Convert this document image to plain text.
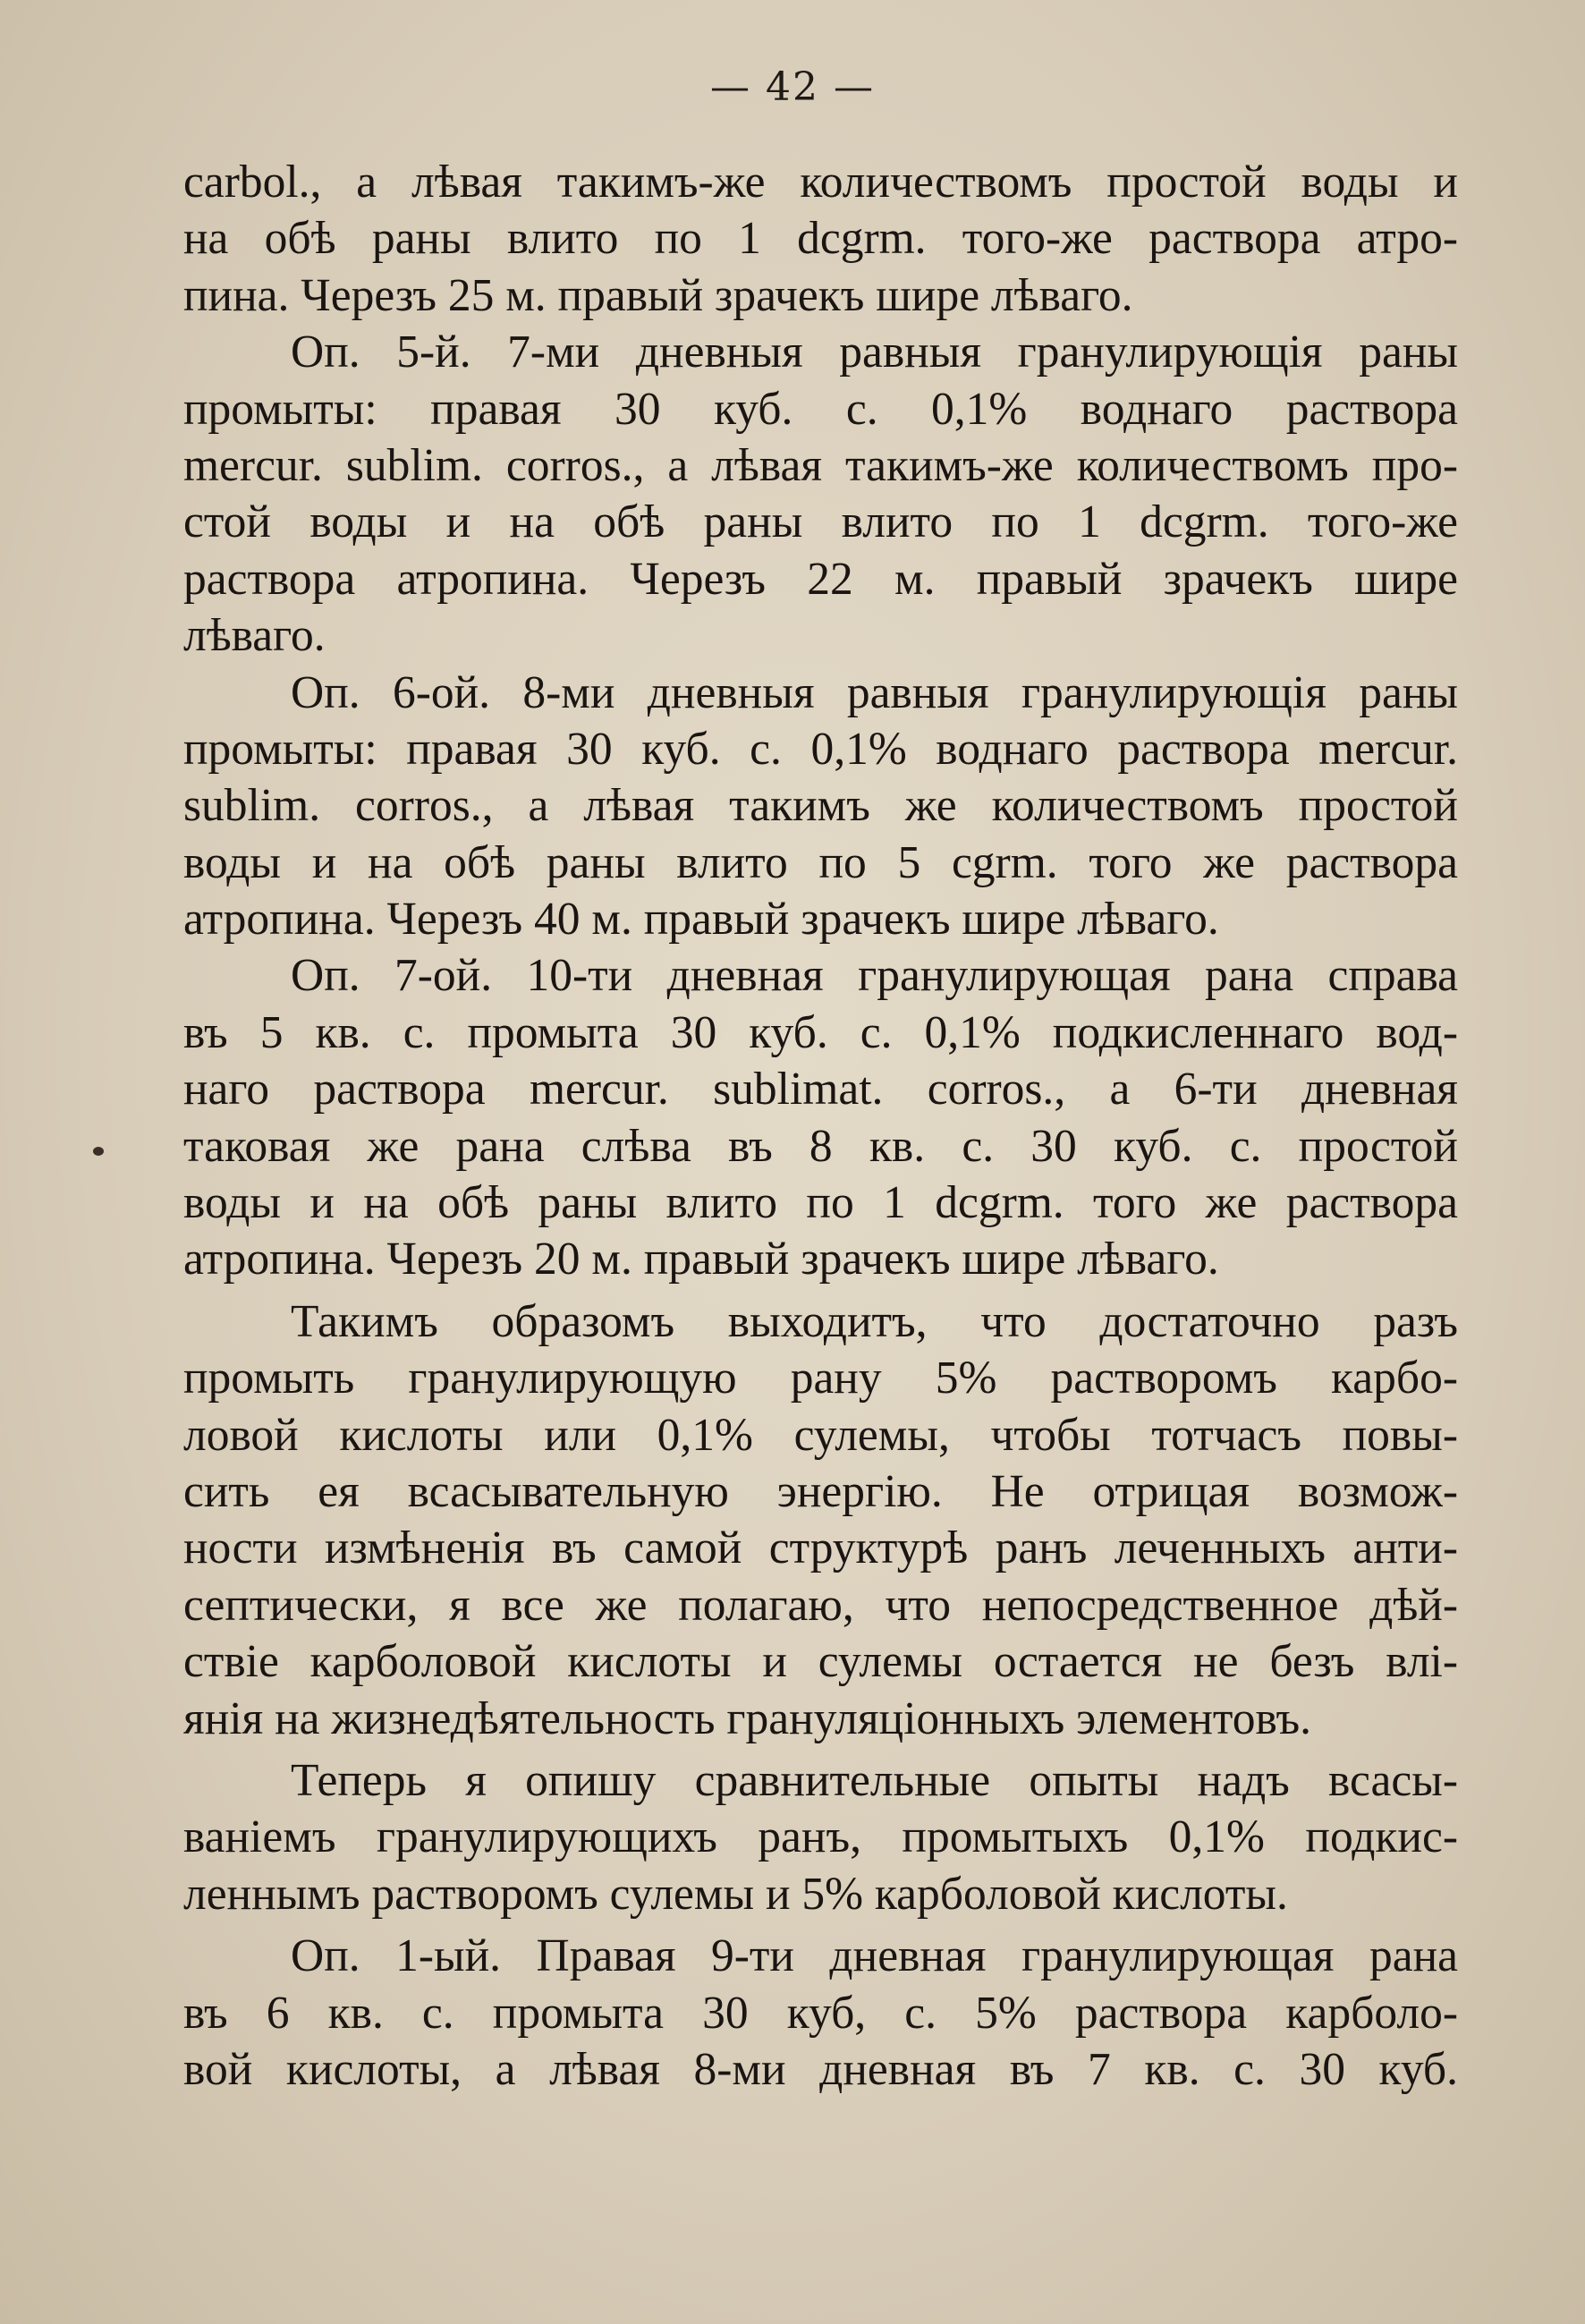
— 42 —
carbol., а лѣвая такимъ-же количествомъ простой воды и
на обѣ раны влито по 1 dcgrm. того-же раствора атро-
пина. Черезъ 25 м. правый зрачекъ шире лѣваго.
Оп. 5-й. 7-ми дневныя равныя гранулирующія раны
промыты: правая 30 куб. с. 0,1% воднаго раствора
mercur. sublim. corros., а лѣвая такимъ-же количествомъ про-
стой воды и на обѣ раны влито по 1 dcgrm. того-же
раствора атропина. Черезъ 22 м. правый зрачекъ шире
лѣваго.
Оп. 6-ой. 8-ми дневныя равныя гранулирующія раны
промыты: правая 30 куб. с. 0,1% воднаго раствора mercur.
sublim. corros., а лѣвая такимъ же количествомъ простой
воды и на обѣ раны влито по 5 cgrm. того же раствора
атропина. Черезъ 40 м. правый зрачекъ шире лѣваго.
Оп. 7-ой. 10-ти дневная гранулирующая рана справа
въ 5 кв. с. промыта 30 куб. с. 0,1% подкисленнаго вод-
наго раствора mercur. sublimat. corros., а 6-ти дневная
таковая же рана слѣва въ 8 кв. с. 30 куб. с. простой
воды и на обѣ раны влито по 1 dcgrm. того же раствора
атропина. Черезъ 20 м. правый зрачекъ шире лѣваго.
Такимъ образомъ выходитъ, что достаточно разъ
промыть гранулирующую рану 5% растворомъ карбо-
ловой кислоты или 0,1% сулемы, чтобы тотчасъ повы-
сить ея всасывательную энергію. Не отрицая возмож-
ности измѣненія въ самой структурѣ ранъ леченныхъ анти-
септически, я все же полагаю, что непосредственное дѣй-
ствіе карболовой кислоты и сулемы остается не безъ влі-
янія на жизнедѣятельность грануляціонныхъ элементовъ.
Теперь я опишу сравнительные опыты надъ всасы-
ваніемъ гранулирующихъ ранъ, промытыхъ 0,1% подкис-
леннымъ растворомъ сулемы и 5% карболовой кислоты.
Оп. 1-ый. Правая 9-ти дневная гранулирующая рана
въ 6 кв. с. промыта 30 куб, с. 5% раствора карболо-
вой кислоты, а лѣвая 8-ми дневная въ 7 кв. с. 30 куб.
